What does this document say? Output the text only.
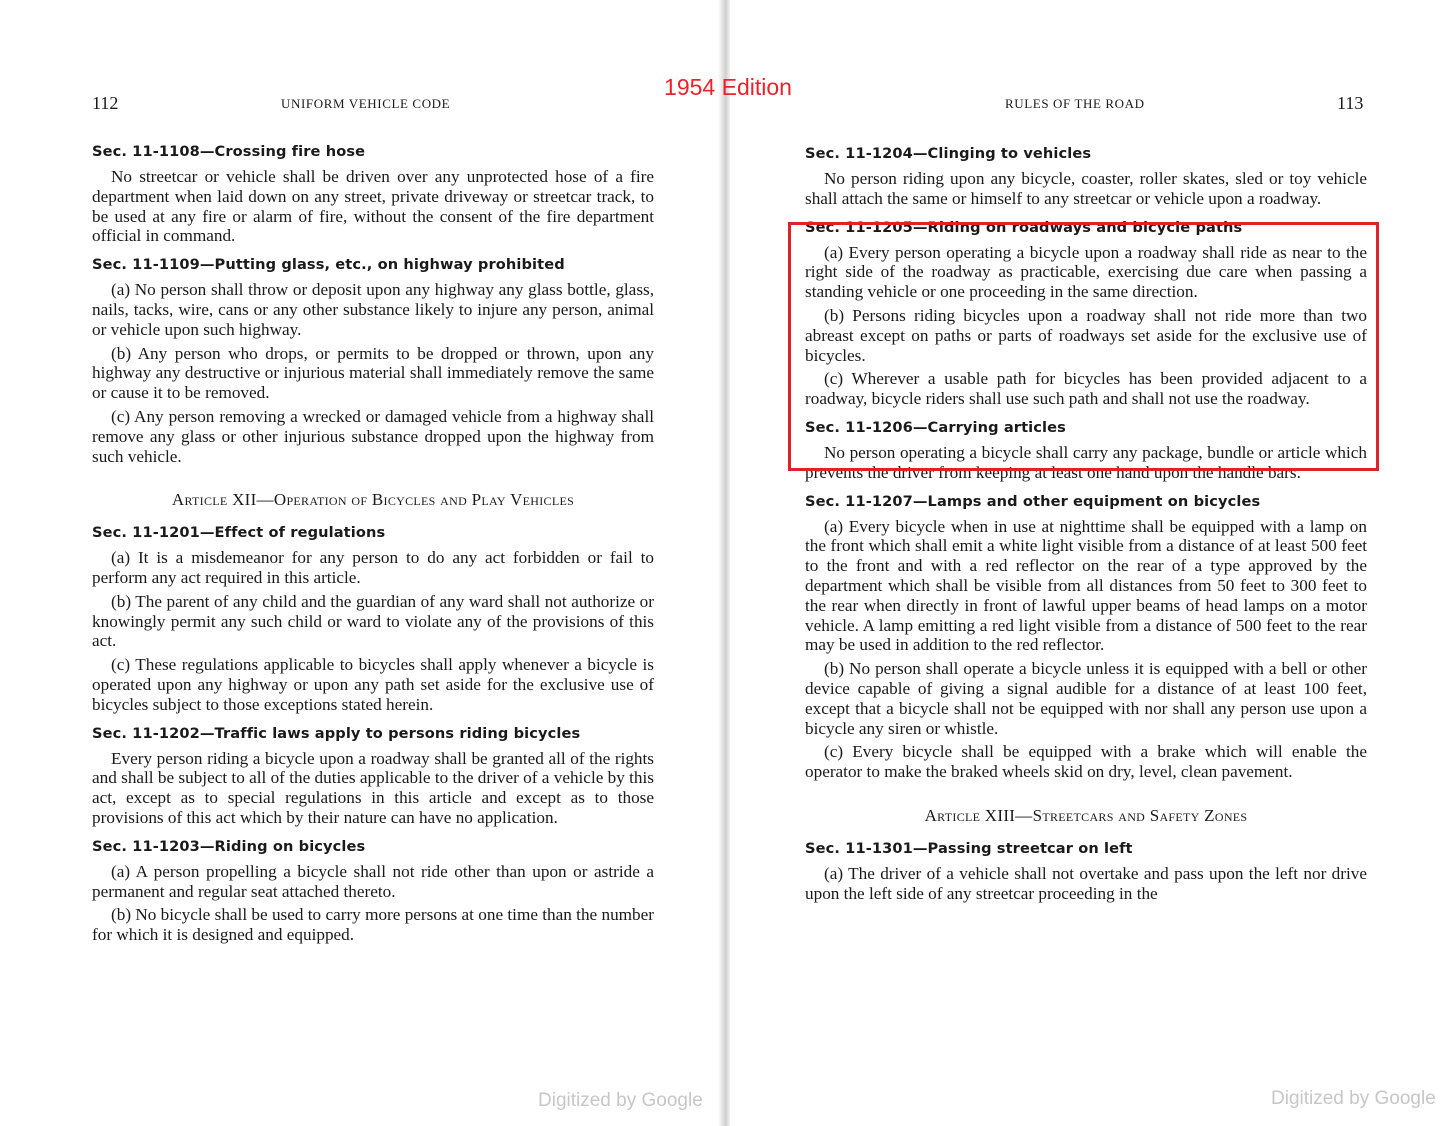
112	UNIFORM VEHICLE CODE
Sec. 11-1108—Crossing fire hose
No streetcar or vehicle shall be driven over any unprotected hose of a fire department when laid down on any street, private driveway or streetcar track, to be used at any fire or alarm of fire, without the consent of the fire department official in command.
Sec. 11-1109—Putting glass, etc., on highway prohibited
(a) No person shall throw or deposit upon any highway any glass bottle, glass, nails, tacks, wire, cans or any other substance likely to injure any person, animal or vehicle upon such highway.
(b) Any person who drops, or permits to be dropped or thrown, upon any highway any destructive or injurious material shall immediately remove the same or cause it to be removed.
(c) Any person removing a wrecked or damaged vehicle from a highway shall remove any glass or other injurious substance dropped upon the highway from such vehicle.
Article XII—Operation of Bicycles and Play Vehicles
Sec. 11-1201—Effect of regulations
(a) It is a misdemeanor for any person to do any act forbidden or fail to perform any act required in this article.
(b) The parent of any child and the guardian of any ward shall not authorize or knowingly permit any such child or ward to violate any of the provisions of this act.
(c) These regulations applicable to bicycles shall apply whenever a bicycle is operated upon any highway or upon any path set aside for the exclusive use of bicycles subject to those exceptions stated herein.
Sec. 11-1202—Traffic laws apply to persons riding bicycles
Every person riding a bicycle upon a roadway shall be granted all of the rights and shall be subject to all of the duties applicable to the driver of a vehicle by this act, except as to special regulations in this article and except as to those provisions of this act which by their nature can have no application.
Sec. 11-1203—Riding on bicycles
(a) A person propelling a bicycle shall not ride other than upon or astride a permanent and regular seat attached thereto.
(b) No bicycle shall be used to carry more persons at one time than the number for which it is designed and equipped.
Digitized by Google
RULES OF THE ROAD	113
Digitized by Google
Sec. 11-1204—Clinging to vehicles
No person riding upon any bicycle, coaster, roller skates, sled or toy vehicle shall attach the same or himself to any streetcar or vehicle upon a roadway.
Sec. 11-1205—Riding on roadways and bicycle paths
(a) Every person operating a bicycle upon a roadway shall ride as near to the right side of the roadway as practicable, exercising due care when passing a standing vehicle or one proceeding in the same direction.
(b) Persons riding bicycles upon a roadway shall not ride more than two abreast except on paths or parts of roadways set aside for the exclusive use of bicycles.
(c) Wherever a usable path for bicycles has been provided adjacent to a roadway, bicycle riders shall use such path and shall not use the roadway.
Sec. 11-1206—Carrying articles
No person operating a bicycle shall carry any package, bundle or article which prevents the driver from keeping at least one hand upon the handle bars.
Sec. 11-1207—Lamps and other equipment on bicycles
(a) Every bicycle when in use at nighttime shall be equipped with a lamp on the front which shall emit a white light visible from a distance of at least 500 feet to the front and with a red reflector on the rear of a type approved by the department which shall be visible from all distances from 50 feet to 300 feet to the rear when directly in front of lawful upper beams of head lamps on a motor vehicle. A lamp emitting a red light visible from a distance of 500 feet to the rear may be used in addition to the red reflector.
(b) No person shall operate a bicycle unless it is equipped with a bell or other device capable of giving a signal audible for a distance of at least 100 feet, except that a bicycle shall not be equipped with nor shall any person use upon a bicycle any siren or whistle.
(c) Every bicycle shall be equipped with a brake which will enable the operator to make the braked wheels skid on dry, level, clean pavement.
Article XIII—Streetcars and Safety Zones
Sec. 11-1301—Passing streetcar on left
(a) The driver of a vehicle shall not overtake and pass upon the left nor drive upon the left side of any streetcar proceeding in the
1954 Edition
